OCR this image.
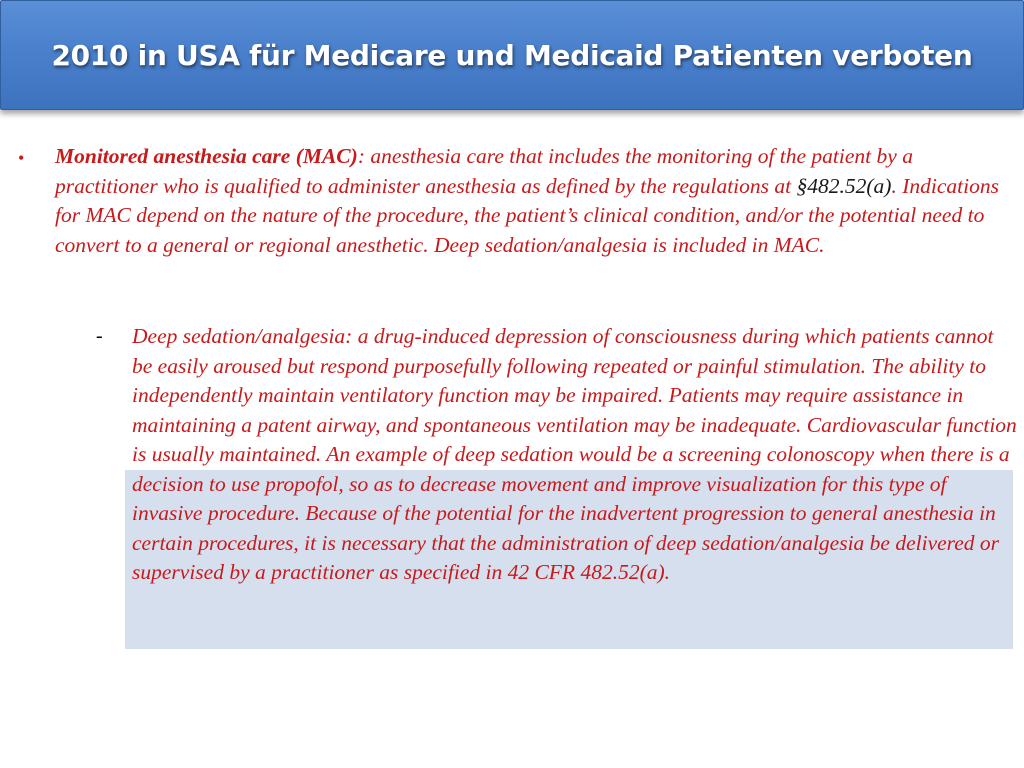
2010 in USA für Medicare und Medicaid Patienten verboten
• Monitored anesthesia care (MAC): anesthesia care that includes the monitoring of the patient by a practitioner who is qualified to administer anesthesia as defined by the regulations at §482.52(a). Indications for MAC depend on the nature of the procedure, the patient’s clinical condition, and/or the potential need to convert to a general or regional anesthetic. Deep sedation/analgesia is included in MAC.
- Deep sedation/analgesia: a drug-induced depression of consciousness during which patients cannot be easily aroused but respond purposefully following repeated or painful stimulation. The ability to independently maintain ventilatory function may be impaired. Patients may require assistance in maintaining a patent airway, and spontaneous ventilation may be inadequate. Cardiovascular function is usually maintained. An example of deep sedation would be a screening colonoscopy when there is a decision to use propofol, so as to decrease movement and improve visualization for this type of invasive procedure. Because of the potential for the inadvertent progression to general anesthesia in certain procedures, it is necessary that the administration of deep sedation/analgesia be delivered or supervised by a practitioner as specified in 42 CFR 482.52(a).
